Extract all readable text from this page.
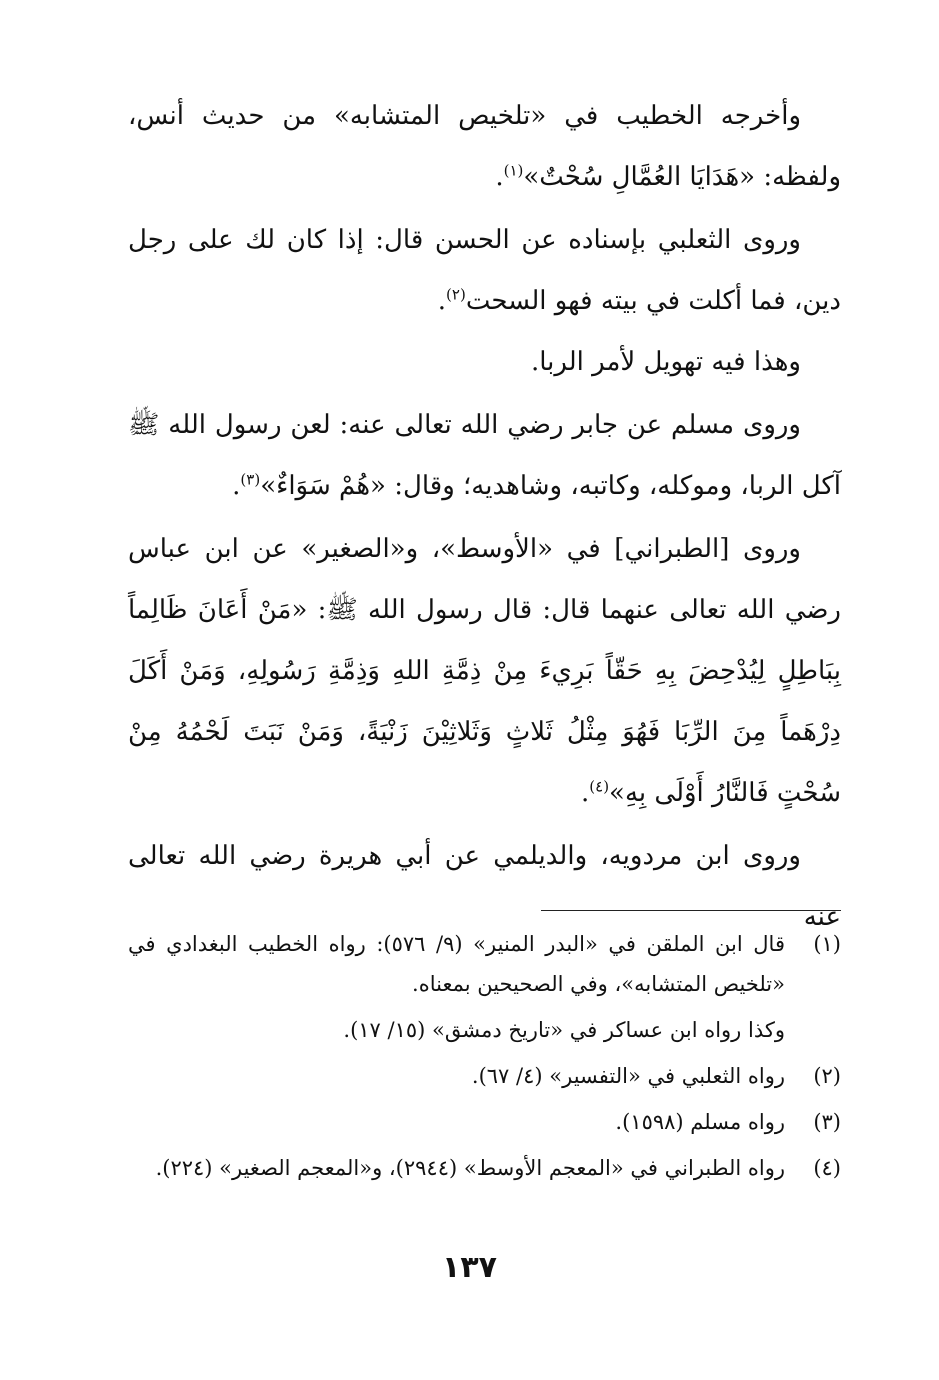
وأخرجه الخطيب في «تلخيص المتشابه» من حديث أنس، ولفظه: «هَدَايَا العُمَّالِ سُحْتٌ»$^{(١)}$.

وروى الثعلبي بإسناده عن الحسن قال: إذا كان لك على رجل دين، فما أكلت في بيته فهو السحت$^{(٢)}$.

وهذا فيه تهويل لأمر الربا.

وروى مسلم عن جابر رضي الله تعالى عنه: لعن رسول الله ﷺ آكل الربا، وموكله، وكاتبه، وشاهديه؛ وقال: «هُمْ سَوَاءٌ»$^{(٣)}$.

وروى [الطبراني] في «الأوسط»، و«الصغير» عن ابن عباس رضي الله تعالى عنهما قال: قال رسول الله ﷺ: «مَنْ أَعَانَ ظَالِماً بِبَاطِلٍ لِيُدْحِضَ بِهِ حَقّاً بَرِيءَ مِنْ ذِمَّةِ اللهِ وَذِمَّةِ رَسُولِهِ، وَمَنْ أَكَلَ دِرْهَماً مِنَ الرِّبَا فَهُوَ مِثْلُ ثَلاثٍ وَثَلاثِيْنَ زَنْيَةً، وَمَنْ نَبَتَ لَحْمُهُ مِنْ سُحْتٍ فَالنَّارُ أَوْلَى بِهِ»$^{(٤)}$.

وروى ابن مردويه، والديلمي عن أبي هريرة رضي الله تعالى عنه

(١)
قال ابن الملقن في «البدر المنير» (٩/ ٥٧٦): رواه الخطيب البغدادي في «تلخيص المتشابه»، وفي الصحيحين بمعناه.
وكذا رواه ابن عساكر في «تاريخ دمشق» (١٥/ ١٧).
(٢)
رواه الثعلبي في «التفسير» (٤/ ٦٧).
(٣)
رواه مسلم (١٥٩٨).
(٤)
رواه الطبراني في «المعجم الأوسط» (٢٩٤٤)، و«المعجم الصغير» (٢٢٤).
١٣٧
